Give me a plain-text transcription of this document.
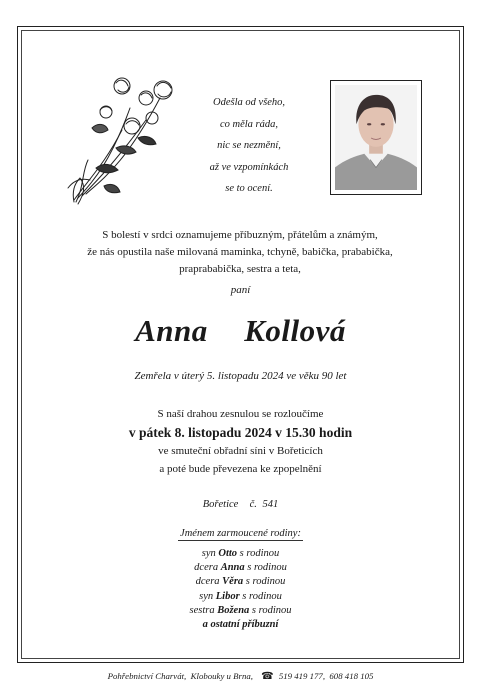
Odešla od všeho,
co měla ráda,
nic se nezmění,
až ve vzpomínkách
se to ocení.
S bolestí v srdci oznamujeme příbuzným, přátelům a známým,
že nás opustila naše milovaná maminka, tchyně, babička, prababička,
praprababička, sestra a teta,
paní
Anna  Kollová
Zemřela v úterý 5. listopadu 2024 ve věku 90 let
S naší drahou zesnulou se rozloučíme
v pátek 8. listopadu 2024 v 15.30 hodin
ve smuteční obřadní síni v Bořeticích
a poté bude převezena ke zpopelnění
Bořetice  č. 541
Jménem zarmoucené rodiny:
syn Otto s rodinou
dcera Anna s rodinou
dcera Věra s rodinou
syn Libor s rodinou
sestra Božena s rodinou
a ostatní příbuzní
Pohřebnictví Charvát,  Klobouky u Brna, ☎ 519 419 177,  608 418 105
